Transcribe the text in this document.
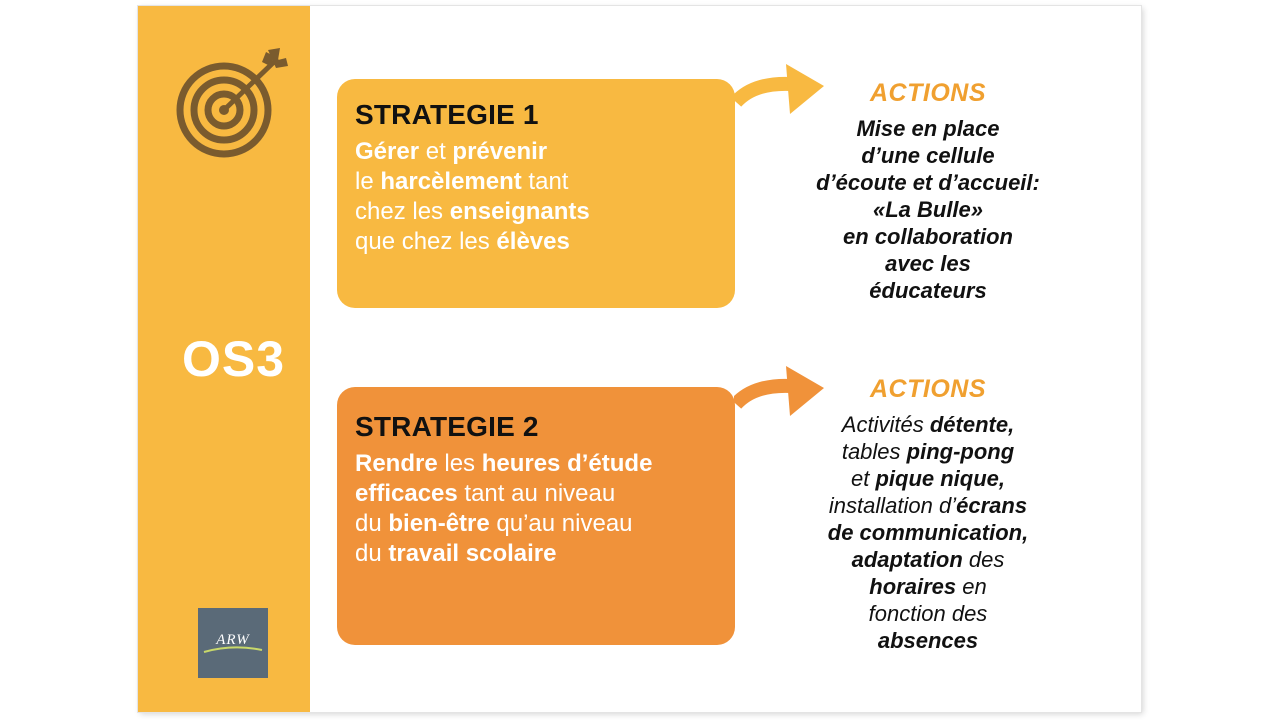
OS3
ARW
STRATEGIE 1
Gérer et prévenir
le harcèlement tant
chez les enseignants
que chez les élèves
ACTIONS
Mise en place
d’une cellule
d’écoute et d’accueil:
«La Bulle»
en collaboration
avec les
éducateurs
STRATEGIE 2
Rendre les heures d’étude
efficaces tant au niveau
du bien-être qu’au niveau
du travail scolaire
ACTIONS
Activités détente,
tables ping-pong
et pique nique,
installation d’écrans
de communication,
adaptation des
horaires en
fonction des
absences
